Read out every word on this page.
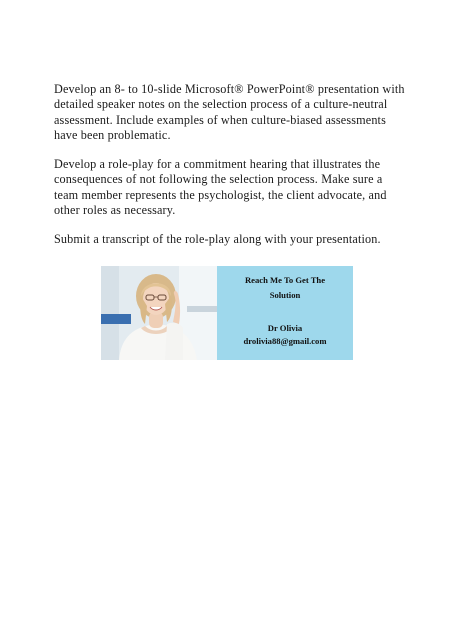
Develop an 8- to 10-slide Microsoft® PowerPoint® presentation with detailed speaker notes on the selection process of a culture-neutral assessment. Include examples of when culture-biased assessments have been problematic.

Develop a role-play for a commitment hearing that illustrates the consequences of not following the selection process. Make sure a team member represents the psychologist, the client advocate, and other roles as necessary.

Submit a transcript of the role-play along with your presentation.

Reach Me To Get The
Solution
Dr Olivia
drolivia88@gmail.com
